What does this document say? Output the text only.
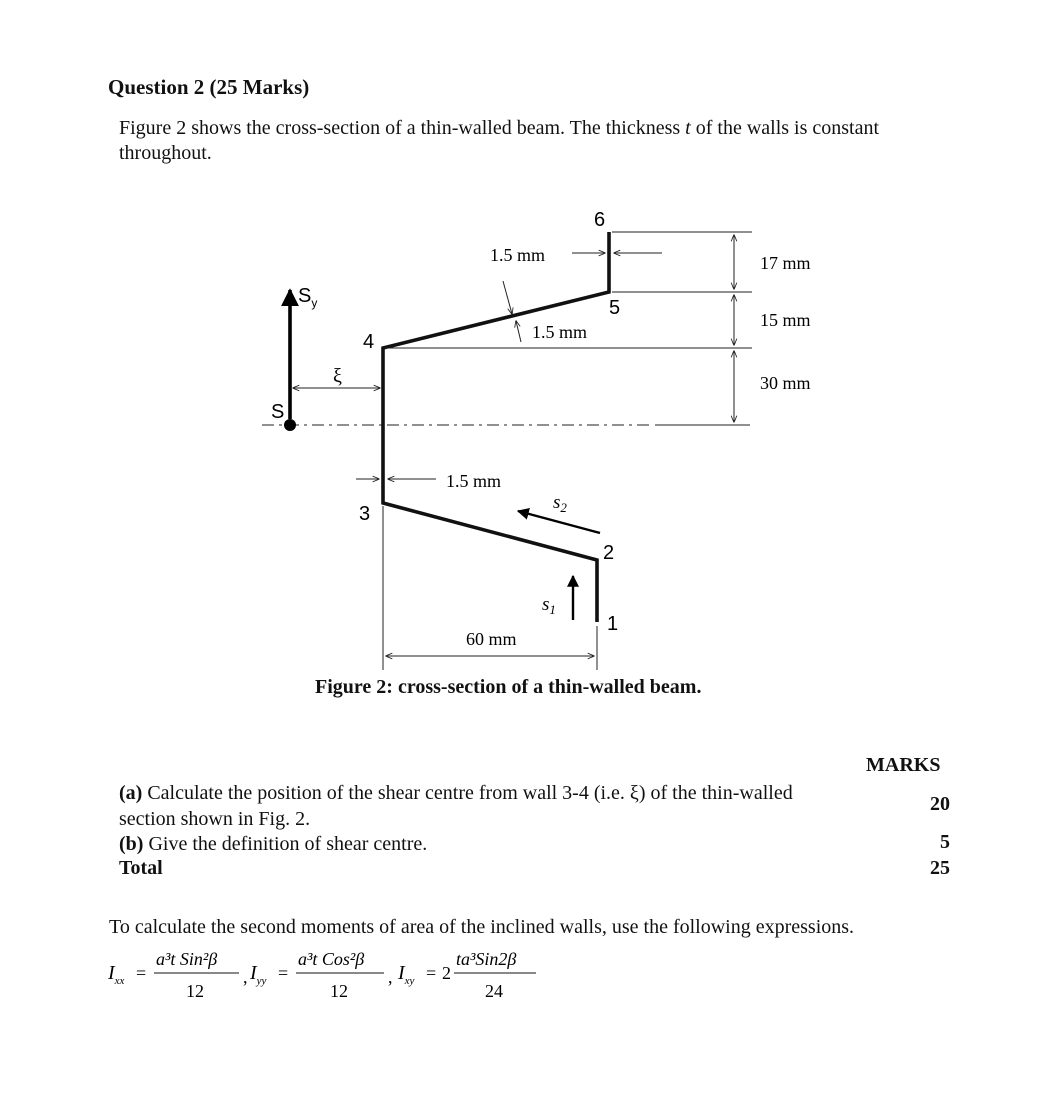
Question 2 (25 Marks)
Figure 2 shows the cross-section of a thin-walled beam. The thickness t of the walls is constant throughout.
17 mm
15 mm
30 mm
1.5 mm
1.5 mm
1.5 mm
60 mm
ξ
$S_y$
S
1
2
3
4
5
6
$s_1$
$s_2$
Figure 2: cross-section of a thin-walled beam.
MARKS
(a) Calculate the position of the shear centre from wall 3-4 (i.e. ξ) of the thin-walled section shown in Fig. 2.
20
(b) Give the definition of shear centre.	5
Total	25
To calculate the second moments of area of the inclined walls, use the following expressions.
$I_{xx}$ =
a³t Sin²β
12
, $I_{yy}$ =
a³t Cos²β
12
, $I_{xy} = 2$
ta³Sin2β
24
